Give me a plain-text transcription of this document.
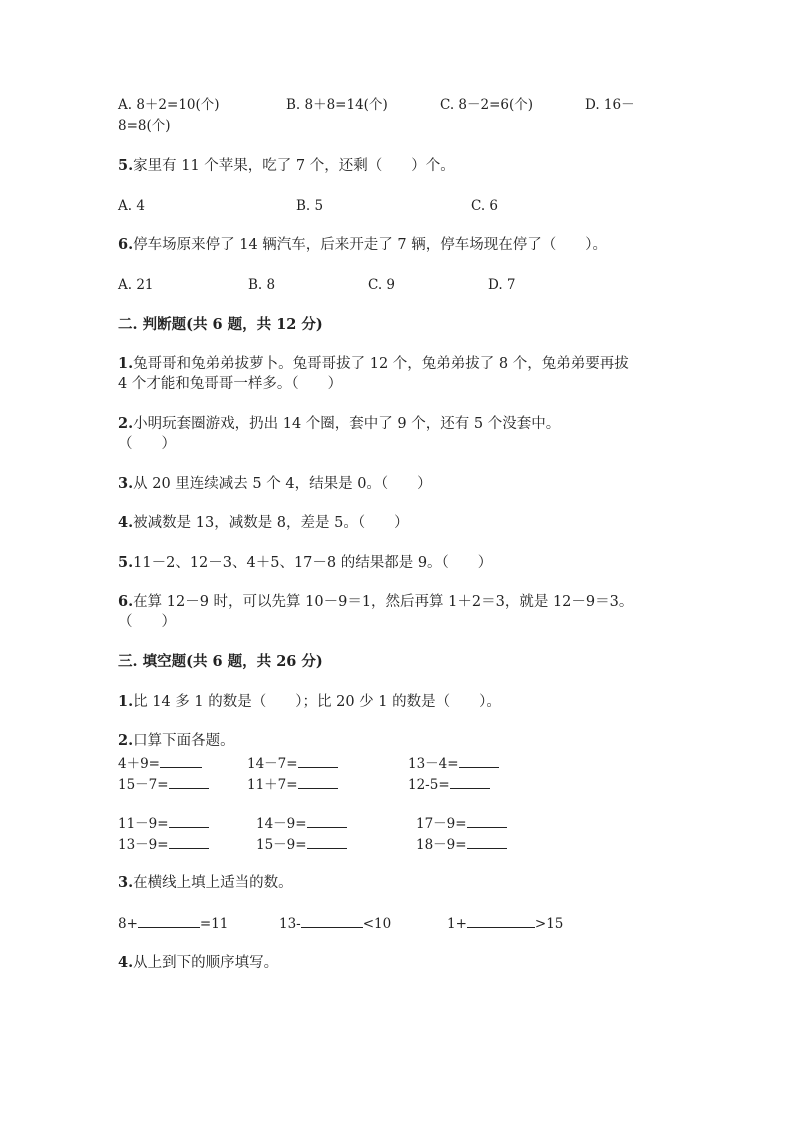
A. 8＋2=10(个)	B. 8＋8=14(个)	C. 8－2=6(个)	D. 16－
8=8(个)
5.家里有 11 个苹果，吃了 7 个，还剩（　　）个。
A. 4	B. 5	C. 6
6.停车场原来停了 14 辆汽车，后来开走了 7 辆，停车场现在停了（　　）。
A. 21	B. 8	C. 9	D. 7
二. 判断题(共 6 题，共 12 分)
1.兔哥哥和兔弟弟拔萝卜。兔哥哥拔了 12 个，兔弟弟拔了 8 个，兔弟弟要再拔
4 个才能和兔哥哥一样多。（　　）
2.小明玩套圈游戏，扔出 14 个圈，套中了 9 个，还有 5 个没套中。
（　　）
3.从 20 里连续减去 5 个 4，结果是 0。（　　）
4.被减数是 13，减数是 8，差是 5。（　　）
5.11－2、12－3、4＋5、17－8 的结果都是 9。（　　）
6.在算 12－9 时，可以先算 10－9＝1，然后再算 1＋2＝3，就是 12－9＝3。
（　　）
三. 填空题(共 6 题，共 26 分)
1.比 14 多 1 的数是（　　）；比 20 少 1 的数是（　　）。
2.口算下面各题。
4＋9=	14－7=	13－4=
15－7=	11＋7=	12-5=
11－9=	14－9=	17－9=
13－9=	15－9=	18－9=
3.在横线上填上适当的数。
8+	=11	13-	<10	1+	>15
4.从上到下的顺序填写。
